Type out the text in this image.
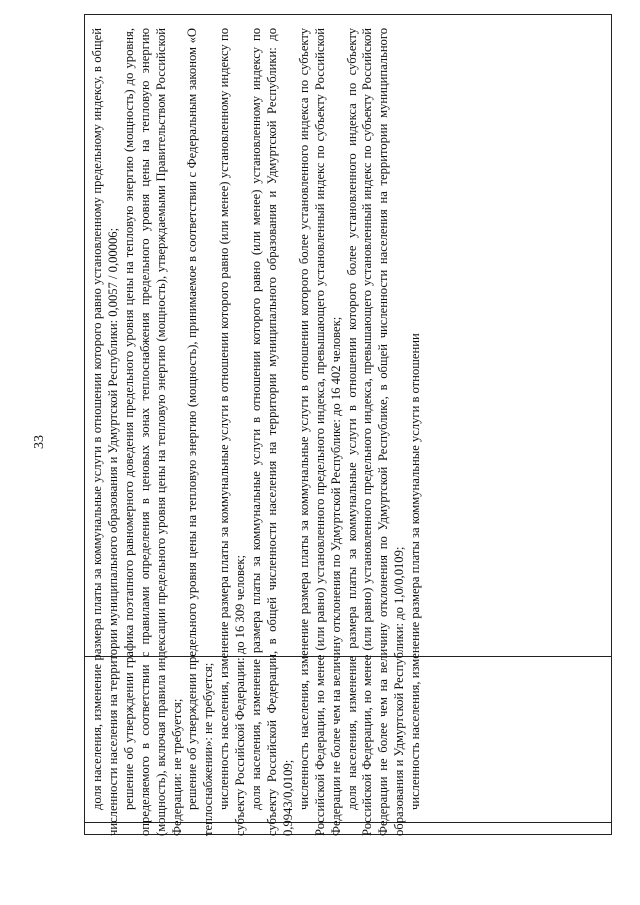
33	доля населения, изменение размера платы за коммунальные услуги в отношении которого равно установленному предельному индексу, в общей численности населения на территории муниципального образования и Удмуртской Республики: 0,0057 / 0,00006; решение об утверждении графика поэтапного равномерного доведения предельного уровня цены на тепловую энергию (мощность) до уровня, определяемого в соответствии с правилами определения в ценовых зонах теплоснабжения предельного уровня цены на тепловую энергию (мощность), включая правила индексации предельного уровня цены на тепловую энергию (мощность), утверждаемыми Правительством Российской Федерации: не требуется; решение об утверждении предельного уровня цены на тепловую энергию (мощность), принимаемое в соответствии с Федеральным законом «О теплоснабжении»: не требуется; численность населения, изменение размера платы за коммунальные услуги в отношении которого равно (или менее) установленному индексу по субъекту Российской Федерации: до 16 309 человек; доля населения, изменение размера платы за коммунальные услуги в отношении которого равно (или менее) установленному индексу по субъекту Российской Федерации, в общей численности населения на территории муниципального образования и Удмуртской Республики: до 0,9943/0,0109; численность населения, изменение размера платы за коммунальные услуги в отношении которого более установленного индекса по субъекту Российской Федерации, но менее (или равно) установленного предельного индекса, превышающего установленный индекс по субъекту Российской Федерации не более чем на величину отклонения по Удмуртской Республике: до 16 402 человек; доля населения, изменение размера платы за коммунальные услуги в отношении которого более установленного индекса по субъекту Российской Федерации, но менее (или равно) установленного предельного индекса, превышающего установленный индекс по субъекту Российской Федерации не более чем на величину отклонения по Удмуртской Республике, в общей численности населения на территории муниципального образования и Удмуртской Республики: до 1,0/0,0109; численность населения, изменение размера платы за коммунальные услуги в отношении
